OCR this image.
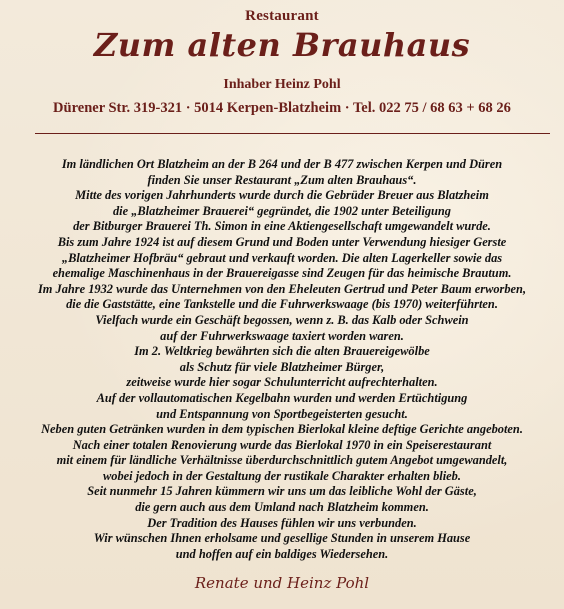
Restaurant
Zum alten Brauhaus
Inhaber Heinz Pohl
Dürener Str. 319-321 · 5014 Kerpen-Blatzheim · Tel. 022 75 / 68 63 + 68 26
Im ländlichen Ort Blatzheim an der B 264 und der B 477 zwischen Kerpen und Düren
finden Sie unser Restaurant „Zum alten Brauhaus“.
Mitte des vorigen Jahrhunderts wurde durch die Gebrüder Breuer aus Blatzheim
die „Blatzheimer Brauerei“ gegründet, die 1902 unter Beteiligung
der Bitburger Brauerei Th. Simon in eine Aktiengesellschaft umgewandelt wurde.
Bis zum Jahre 1924 ist auf diesem Grund und Boden unter Verwendung hiesiger Gerste
„Blatzheimer Hofbräu“ gebraut und verkauft worden. Die alten Lagerkeller sowie das
ehemalige Maschinenhaus in der Brauereigasse sind Zeugen für das heimische Brautum.
Im Jahre 1932 wurde das Unternehmen von den Eheleuten Gertrud und Peter Baum erworben,
die die Gaststätte, eine Tankstelle und die Fuhrwerkswaage (bis 1970) weiterführten.
Vielfach wurde ein Geschäft begossen, wenn z. B. das Kalb oder Schwein
auf der Fuhrwerkswaage taxiert worden waren.
Im 2. Weltkrieg bewährten sich die alten Brauereigewölbe
als Schutz für viele Blatzheimer Bürger,
zeitweise wurde hier sogar Schulunterricht aufrechterhalten.
Auf der vollautomatischen Kegelbahn wurden und werden Ertüchtigung
und Entspannung von Sportbegeisterten gesucht.
Neben guten Getränken wurden in dem typischen Bierlokal kleine deftige Gerichte angeboten.
Nach einer totalen Renovierung wurde das Bierlokal 1970 in ein Speiserestaurant
mit einem für ländliche Verhältnisse überdurchschnittlich gutem Angebot umgewandelt,
wobei jedoch in der Gestaltung der rustikale Charakter erhalten blieb.
Seit nunmehr 15 Jahren kümmern wir uns um das leibliche Wohl der Gäste,
die gern auch aus dem Umland nach Blatzheim kommen.
Der Tradition des Hauses fühlen wir uns verbunden.
Wir wünschen Ihnen erholsame und gesellige Stunden in unserem Hause
und hoffen auf ein baldiges Wiedersehen.
Renate und Heinz Pohl
